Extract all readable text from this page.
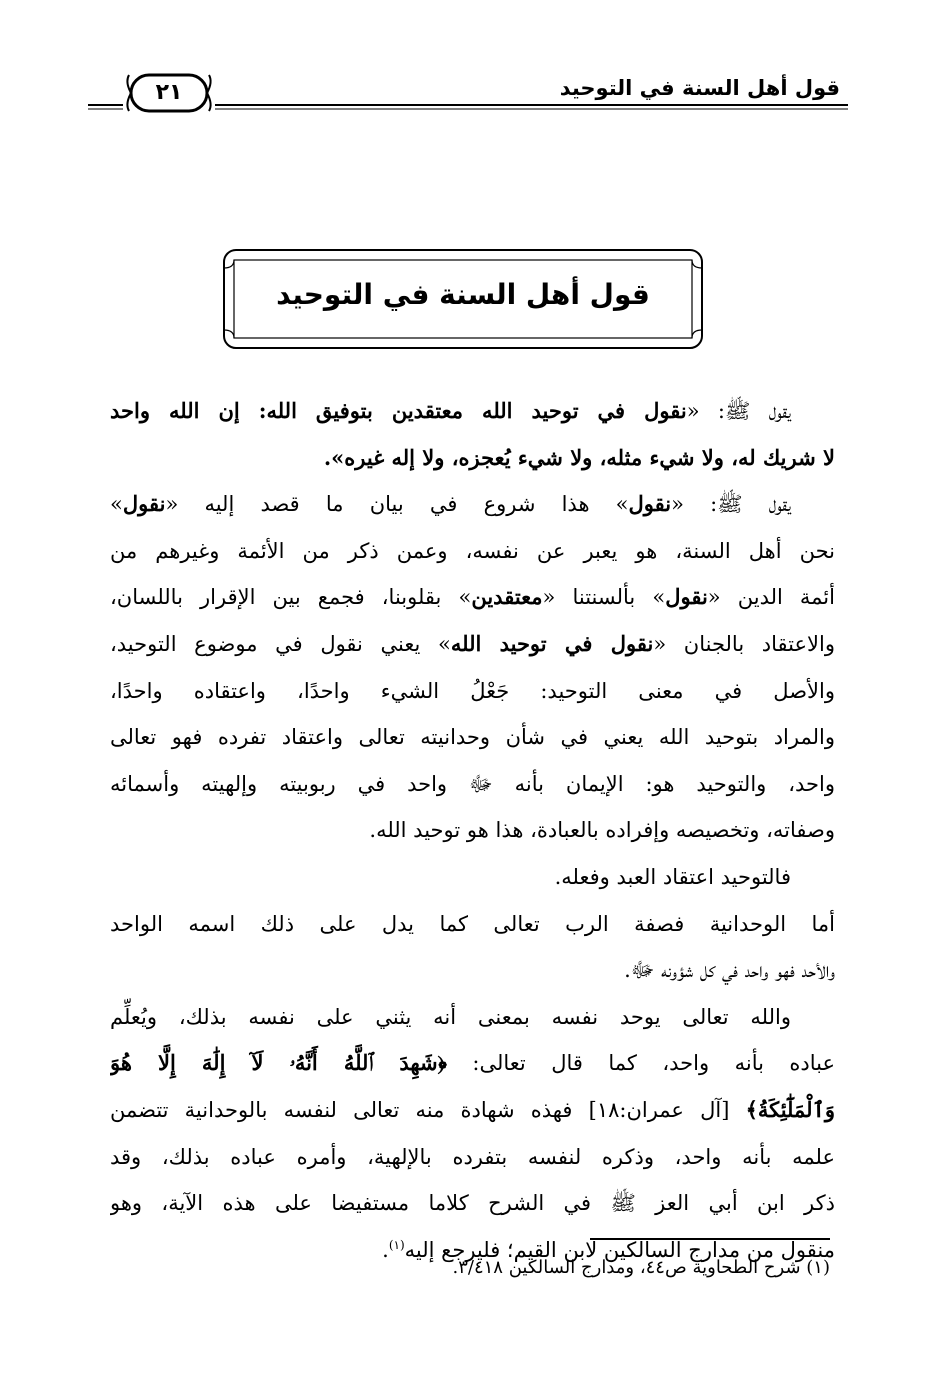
٢١	قول أهل السنة في التوحيد
قول أهل السنة في التوحيد
يقول ﷺ: «نقول في توحيد الله معتقدين بتوفيق الله: إن الله واحد
لا شريك له، ولا شيء مثله، ولا شيء يُعجزه، ولا إله غيره».
يقول ﷺ: «نقول» هذا شروع في بيان ما قصد إليه «نقول»
نحن أهل السنة، هو يعبر عن نفسه، وعمن ذكر من الأئمة وغيرهم من
أئمة الدين «نقول» بألسنتنا «معتقدين» بقلوبنا، فجمع بين الإقرار باللسان،
والاعتقاد بالجنان «نقول في توحيد الله» يعني نقول في موضوع التوحيد،
والأصل في معنى التوحيد: جَعْلُ الشيء واحدًا، واعتقاده واحدًا،
والمراد بتوحيد الله يعني في شأن وحدانيته تعالى واعتقاد تفرده فهو تعالى
واحد، والتوحيد هو: الإيمان بأنه ﷻ واحد في ربوبيته وإلهيته وأسمائه
وصفاته، وتخصيصه وإفراده بالعبادة، هذا هو توحيد الله.
فالتوحيد اعتقاد العبد وفعله.
أما الوحدانية فصفة الرب تعالى كما يدل على ذلك اسمه الواحد
والأحد فهو واحد في كل شؤونه ﷻ.
والله تعالى يوحد نفسه بمعنى أنه يثني على نفسه بذلك، ويُعلِّم
عباده بأنه واحد، كما قال تعالى: ﴿شَهِدَ ٱللَّهُ أَنَّهُۥ لَآ إِلَٰهَ إِلَّا هُوَ
وَٱلْمَلَٰٓئِكَةُ﴾ [آل عمران:١٨] فهذه شهادة منه تعالى لنفسه بالوحدانية تتضمن
علمه بأنه واحد، وذكره لنفسه بتفرده بالإلهية، وأمره عباده بذلك، وقد
ذكر ابن أبي العز ﷺ في الشرح كلاما مستفيضا على هذه الآية، وهو
منقول من مدارج السالكين لابن القيم؛ فليرجع إليه$^{(١)}$.
(١) شرح الطحاوية ص٤٤، ومدارج السالكين ٣/٤١٨.
